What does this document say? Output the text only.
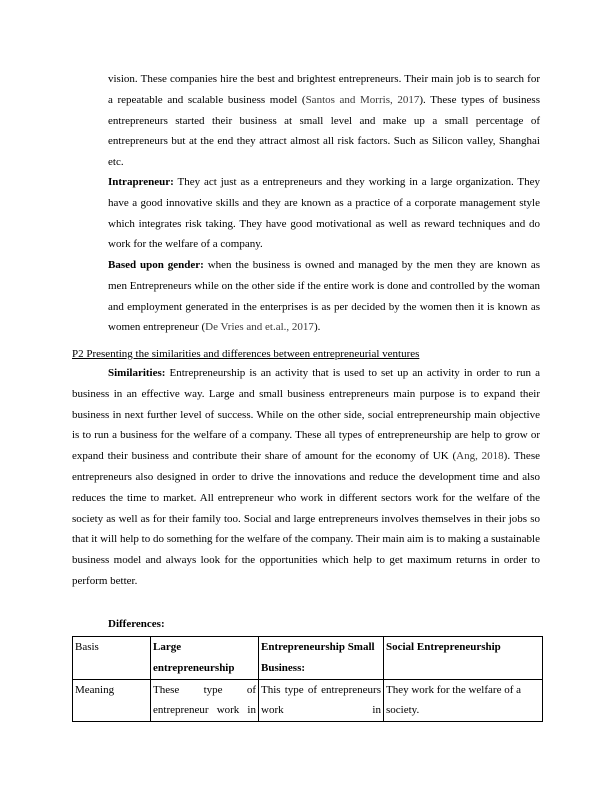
vision. These companies hire the best and brightest entrepreneurs. Their main job is to search for a repeatable and scalable business model (Santos and Morris, 2017). These types of business entrepreneurs started their business at small level and make up a small percentage of entrepreneurs but at the end they attract almost all risk factors. Such as Silicon valley, Shanghai etc.

Intrapreneur: They act just as a entrepreneurs and they working in a large organization. They have a good innovative skills and they are known as a practice of a corporate management style which integrates risk taking. They have good motivational as well as reward techniques and do work for the welfare of a company.

Based upon gender: when the business is owned and managed by the men they are known as men Entrepreneurs while on the other side if the entire work is done and controlled by the woman and employment generated in the enterprises is as per decided by the women then it is known as women entrepreneur (De Vries and et.al., 2017).

P2 Presenting the similarities and differences between entrepreneurial ventures

Similarities: Entrepreneurship is an activity that is used to set up an activity in order to run a business in an effective way. Large and small business entrepreneurs main purpose is to expand their business in next further level of success. While on the other side, social entrepreneurship main objective is to run a business for the welfare of a company. These all types of entrepreneurship are help to grow or expand their business and contribute their share of amount for the economy of UK (Ang, 2018). These entrepreneurs also designed in order to drive the innovations and reduce the development time and also reduces the time to market. All entrepreneur who work in different sectors work for the welfare of the society as well as for their family too. Social and large entrepreneurs involves themselves in their jobs so that it will help to do something for the welfare of the company. Their main aim is to making a sustainable business model and always look for the opportunities which help to get maximum returns in order to perform better.

Differences:
Basis	Large entrepreneurship	Entrepreneurship Small Business:	Social Entrepreneurship
Meaning	These type of entrepreneur work in	This type of entrepreneurs work in	They work for the welfare of a society.
